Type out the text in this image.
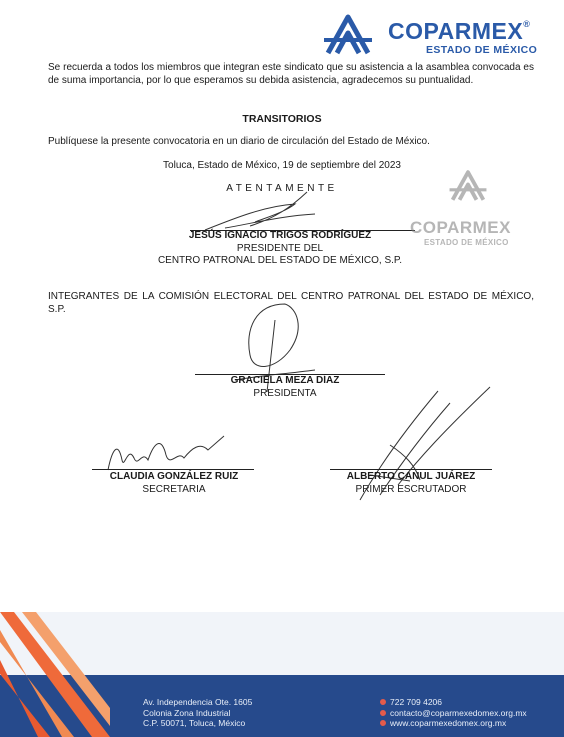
COPARMEX®
ESTADO DE MÉXICO
Se recuerda a todos los miembros que integran este sindicato que su asistencia a la asamblea convocada es de suma importancia, por lo que esperamos su debida asistencia, agradecemos su puntualidad.
TRANSITORIOS
Publíquese la presente convocatoria en un diario de circulación del Estado de México.
Toluca, Estado de México, 19 de septiembre del 2023
ATENTAMENTE
JESÚS IGNACIO TRIGOS RODRÍGUEZ
PRESIDENTE DEL
CENTRO PATRONAL DEL ESTADO DE MÉXICO, S.P.
COPARMEX
ESTADO DE MÉXICO
INTEGRANTES DE LA COMISIÓN ELECTORAL DEL CENTRO PATRONAL DEL ESTADO DE MÉXICO, S.P.
GRACIELA MEZA DÍAZ
PRESIDENTA
CLAUDIA GONZÁLEZ RUIZ
SECRETARIA
ALBERTO CANUL JUÁREZ
PRIMER ESCRUTADOR
Av. Independencia Ote. 1605
Colonia Zona Industrial
C.P. 50071, Toluca, México
722 709 4206
contacto@coparmexedomex.org.mx
www.coparmexedomex.org.mx
